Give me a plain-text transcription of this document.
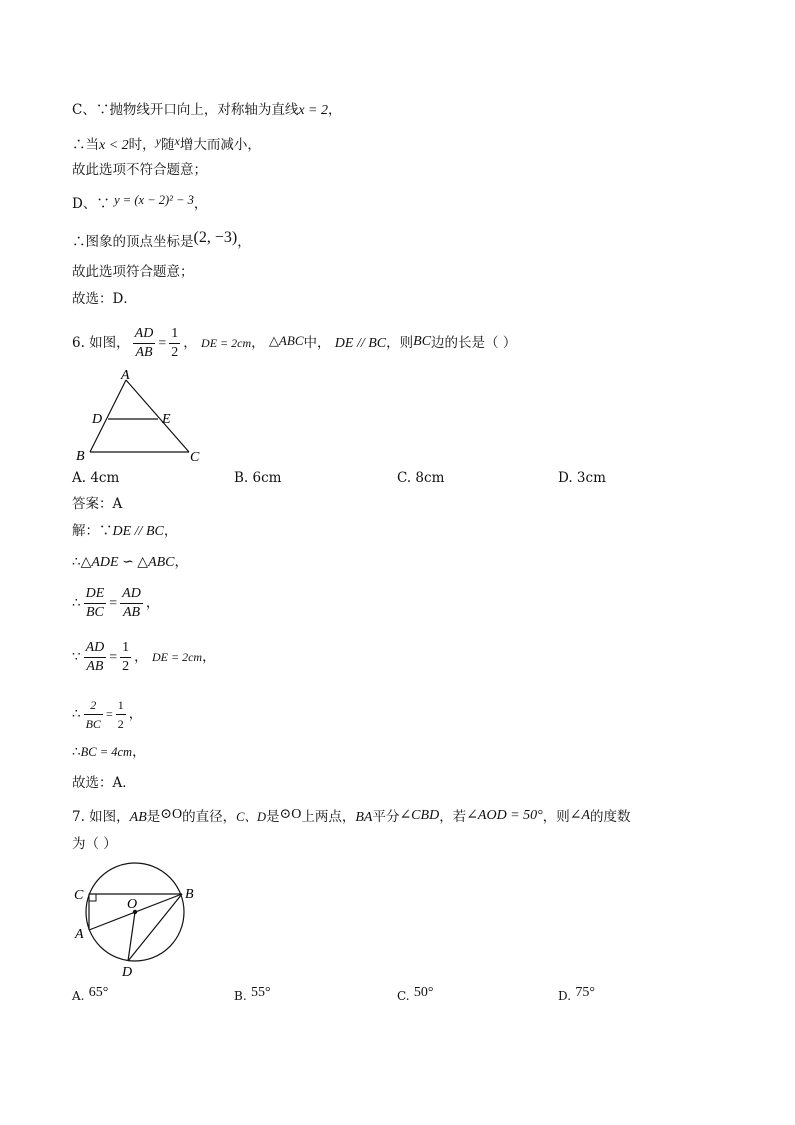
C、∵抛物线开口向上，对称轴为直线x = 2，
∴当x < 2时，y随x增大而减小，
故此选项不符合题意；
D、∵ y = (x − 2)² − 3，
∴图象的顶点坐标是(2, −3)，
故此选项符合题意；
故选：D．
6. 如图， $\frac{AD}{AB} = \frac{1}{2}$ ， DE = 2cm， △ABC中， DE // BC，则BC边的长是（ ）
A
D	E
B	C
A. 4cm	B. 6cm	C. 8cm	D. 3cm
答案：A
解：∵DE // BC，
∴△ADE ∽ △ABC，
∴ $\frac{DE}{BC} = \frac{AD}{AB}$ ，
∵ $\frac{AD}{AB} = \frac{1}{2}$ ， DE = 2cm，
∴ $\frac{2}{BC} = \frac{1}{2}$ ，
∴BC = 4cm，
故选：A．
7. 如图，AB是⊙O的直径，C、D是⊙O上两点，BA平分∠CBD，若∠AOD = 50°，则∠A的度数
为（ ）
C	B
O
A
D
A. 65°	B. 55°	C. 50°	D. 75°
